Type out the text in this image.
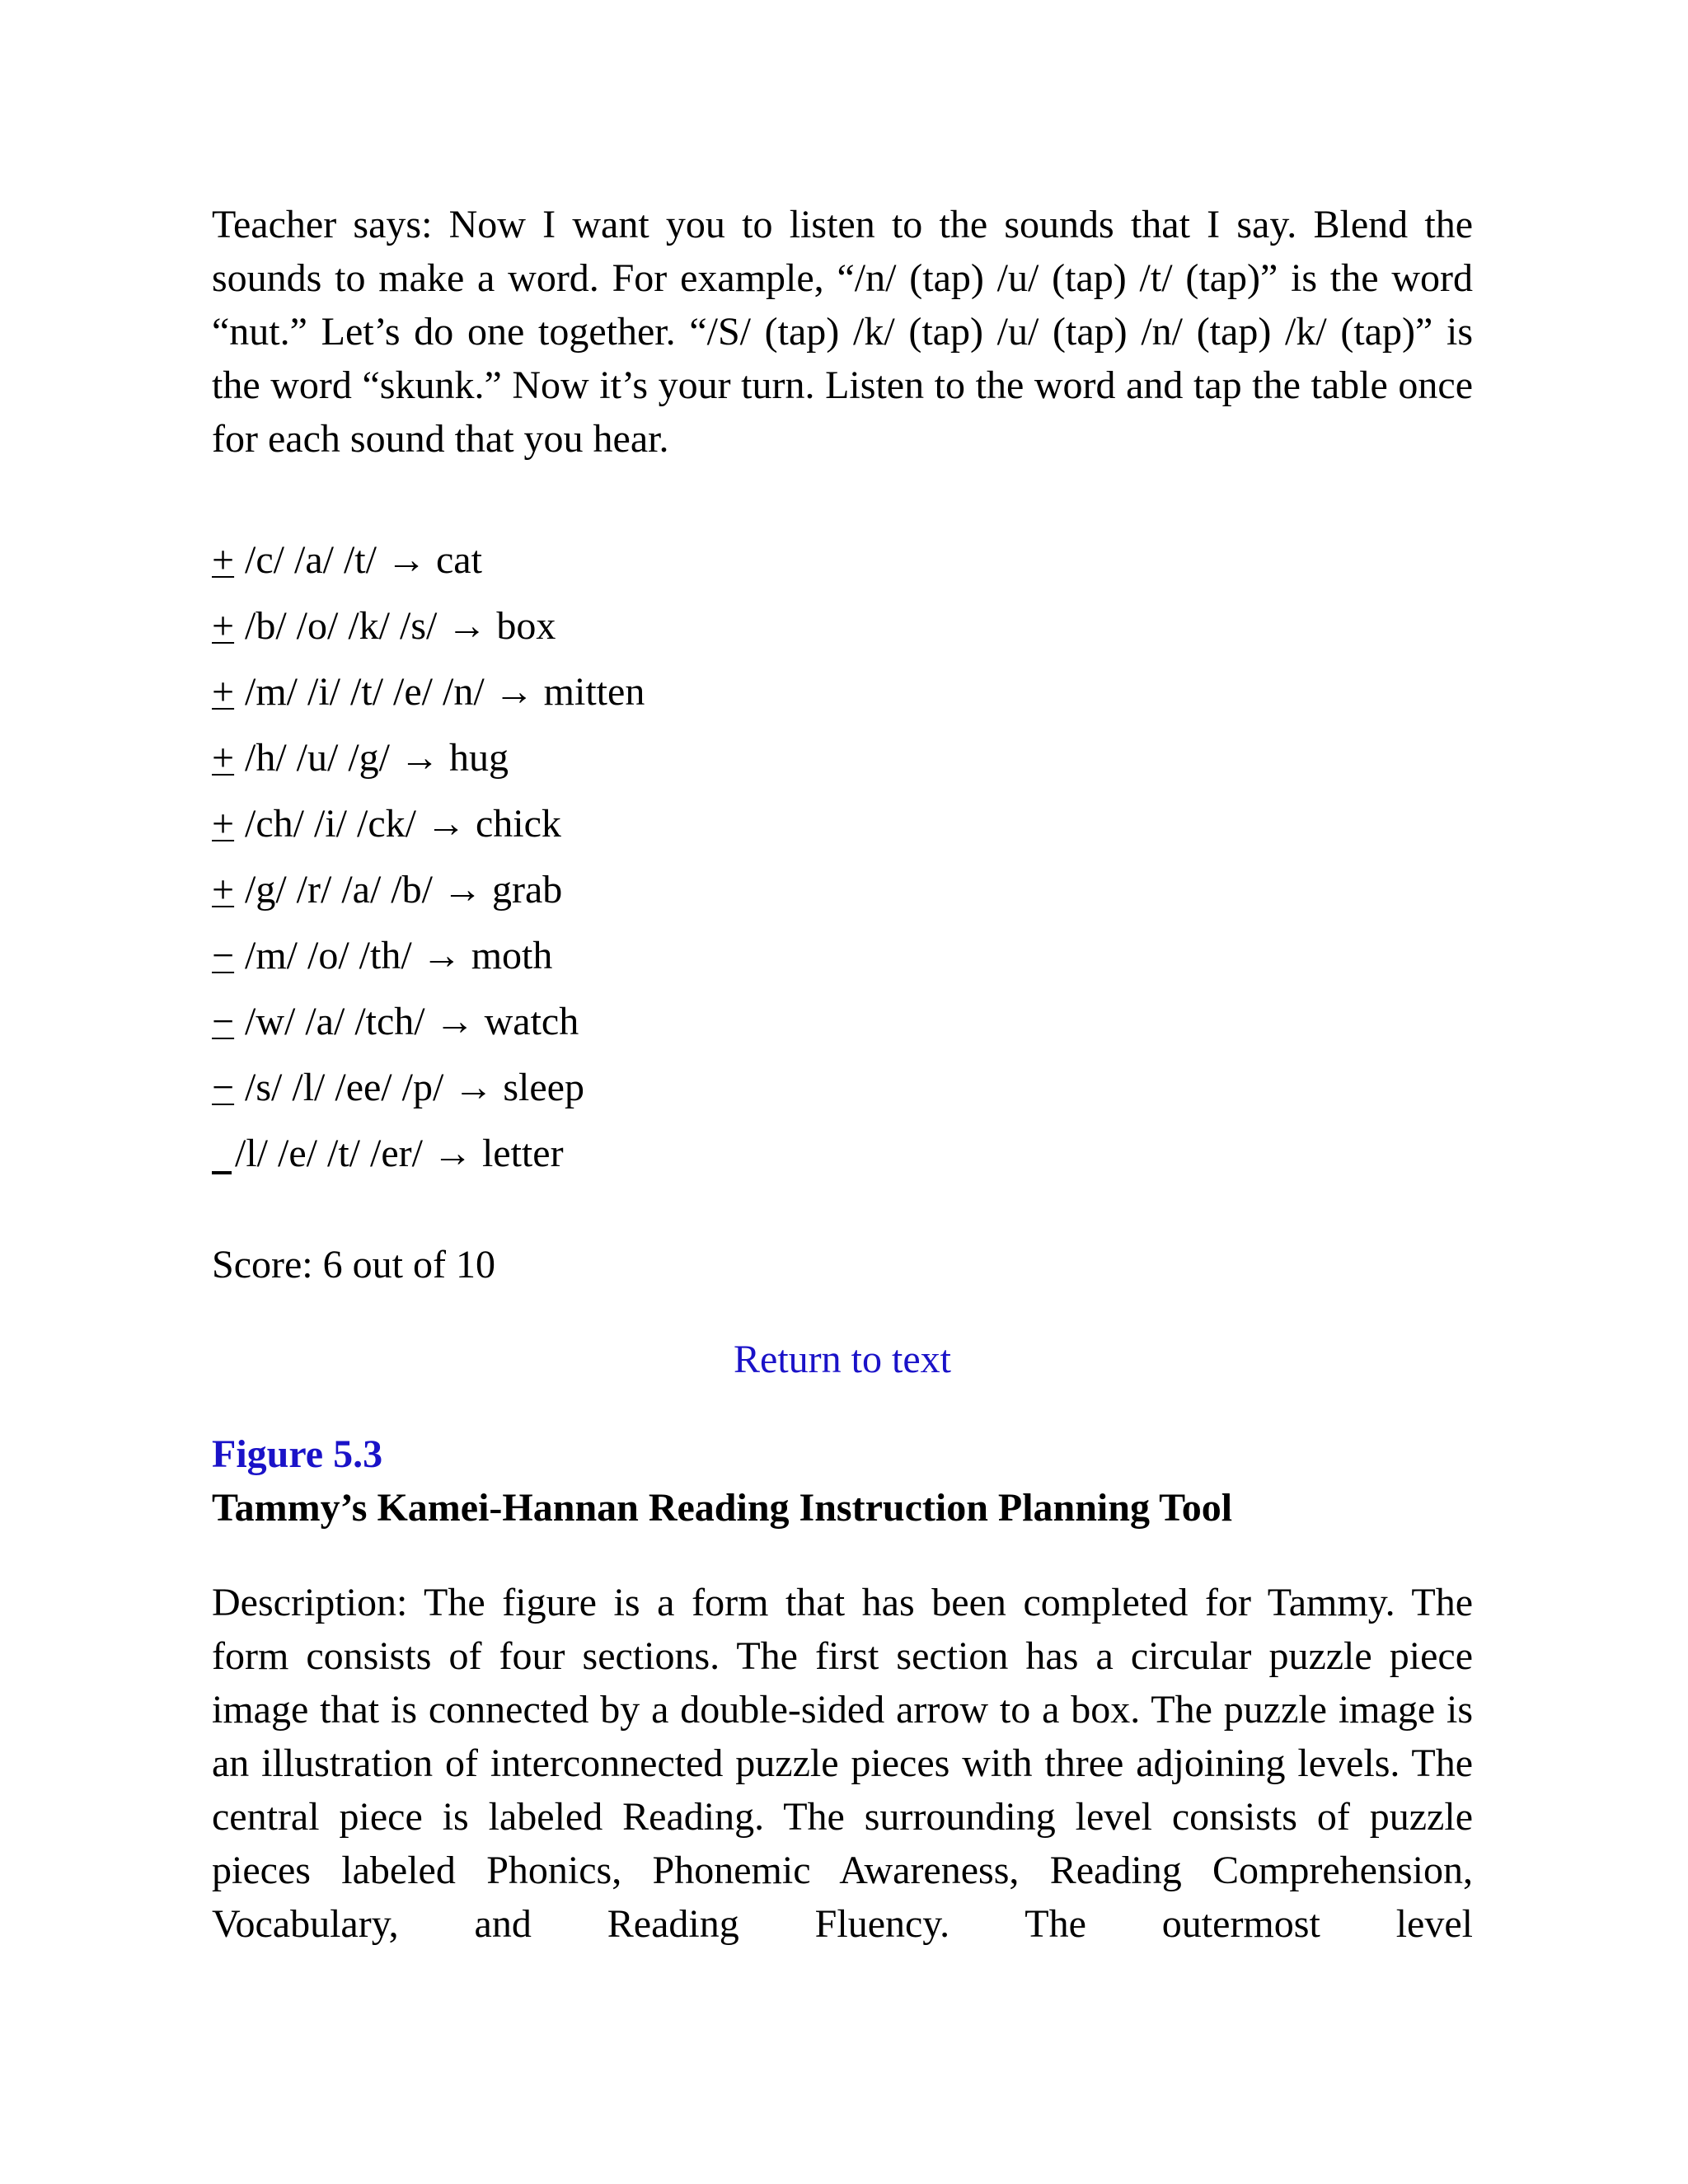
Teacher says: Now I want you to listen to the sounds that I say. Blend the sounds to make a word. For example, “/n/ (tap) /u/ (tap) /t/ (tap)” is the word “nut.” Let’s do one together. “/S/ (tap) /k/ (tap) /u/ (tap) /n/ (tap) /k/ (tap)” is the word “skunk.” Now it’s your turn. Listen to the word and tap the table once for each sound that you hear.

+ /c/ /a/ /t/ → cat
+ /b/ /o/ /k/ /s/ → box
+ /m/ /i/ /t/ /e/ /n/ → mitten
+ /h/ /u/ /g/ → hug
+ /ch/ /i/ /ck/ → chick
+ /g/ /r/ /a/ /b/ → grab
− /m/ /o/ /th/ → moth
− /w/ /a/ /tch/ → watch
− /s/ /l/ /ee/ /p/ → sleep
/l/ /e/ /t/ /er/ → letter
Score: 6 out of 10
Return to text
Figure 5.3
Tammy’s Kamei-Hannan Reading Instruction Planning Tool

Description: The figure is a form that has been completed for Tammy. The form consists of four sections. The first section has a circular puzzle piece image that is connected by a double-sided arrow to a box. The puzzle image is an illustration of interconnected puzzle pieces with three adjoining levels. The central piece is labeled Reading. The surrounding level consists of puzzle pieces labeled Phonics, Phonemic Awareness, Reading Comprehension, Vocabulary, and Reading Fluency. The outermost level
